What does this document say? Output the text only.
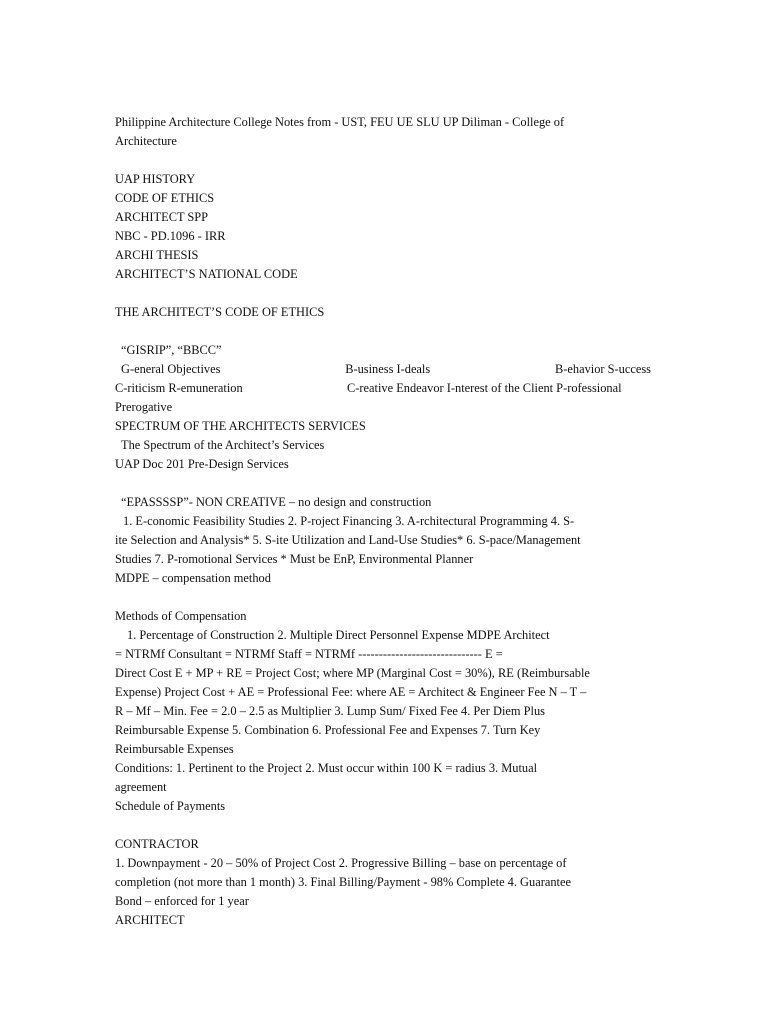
Philippine Architecture College Notes from - UST, FEU UE SLU UP Diliman - College of

Architecture

UAP HISTORY

CODE OF ETHICS

ARCHITECT SPP

NBC - PD.1096 - IRR

ARCHI THESIS

ARCHITECT’S NATIONAL CODE

THE ARCHITECT’S CODE OF ETHICS

“GISRIP”, “BBCC”

G-eneral Objectives	B-usiness I-deals	B-ehavior S-uccess
C-riticism R-emuneration	C-reative Endeavor I-nterest of the Client P-rofessional

Prerogative

SPECTRUM OF THE ARCHITECTS SERVICES

The Spectrum of the Architect’s Services

UAP Doc 201 Pre-Design Services

“EPASSSSP”- NON CREATIVE – no design and construction

1. E-conomic Feasibility Studies 2. P-roject Financing 3. A-rchitectural Programming 4. S-

ite Selection and Analysis* 5. S-ite Utilization and Land-Use Studies* 6. S-pace/Management

Studies 7. P-romotional Services * Must be EnP, Environmental Planner

MDPE – compensation method

Methods of Compensation

1. Percentage of Construction 2. Multiple Direct Personnel Expense MDPE Architect

= NTRMf Consultant = NTRMf Staff = NTRMf ------------------------------ E =

Direct Cost E + MP + RE = Project Cost; where MP (Marginal Cost = 30%), RE (Reimbursable

Expense) Project Cost + AE = Professional Fee: where AE = Architect & Engineer Fee N – T –

R – Mf – Min. Fee = 2.0 – 2.5 as Multiplier 3. Lump Sum/ Fixed Fee 4. Per Diem Plus

Reimbursable Expense 5. Combination 6. Professional Fee and Expenses 7. Turn Key

Reimbursable Expenses

Conditions: 1. Pertinent to the Project 2. Must occur within 100 K = radius 3. Mutual

agreement

Schedule of Payments

CONTRACTOR

1. Downpayment - 20 – 50% of Project Cost 2. Progressive Billing – base on percentage of

completion (not more than 1 month) 3. Final Billing/Payment - 98% Complete 4. Guarantee

Bond – enforced for 1 year

ARCHITECT
